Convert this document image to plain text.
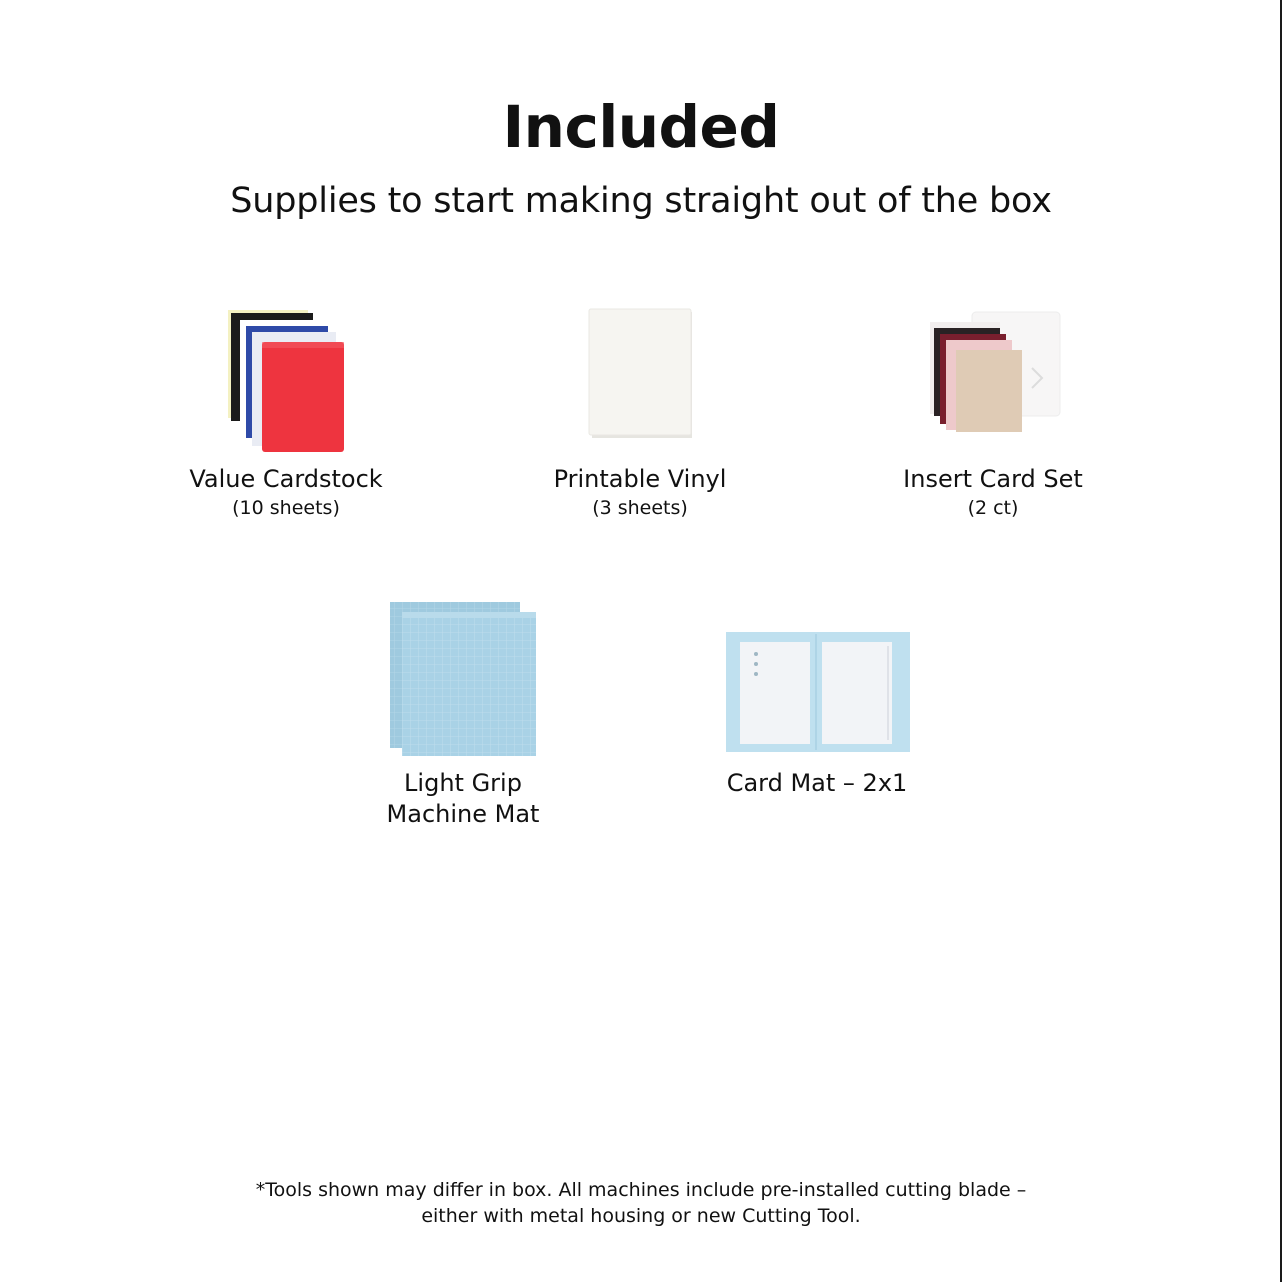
Included
Supplies to start making straight out of the box
Value Cardstock
(10 sheets)
Printable Vinyl
(3 sheets)
Insert Card Set
(2 ct)
Light Grip
Machine Mat
Card Mat – 2x1
*Tools shown may differ in box. All machines include pre-installed cutting blade –
either with metal housing or new Cutting Tool.
